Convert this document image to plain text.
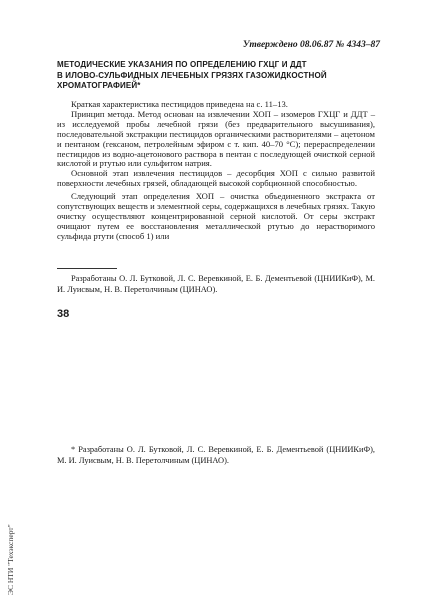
Утверждено 08.06.87 № 4343–87
МЕТОДИЧЕСКИЕ УКАЗАНИЯ ПО ОПРЕДЕЛЕНИЮ ГХЦГ И ДДТ
В ИЛОВО-СУЛЬФИДНЫХ ЛЕЧЕБНЫХ ГРЯЗЯХ ГАЗОЖИДКОСТНОЙ
ХРОМАТОГРАФИЕЙ*

Краткая характеристика пестицидов приведена на с. 11–13.

Принцип метода. Метод основан на извлечении ХОП – изомеров ГХЦГ и ДДТ – из исследуемой пробы лечебной грязи (без предварительного высушивания), последовательной экстракции пестицидов органическими растворителями – ацетоном и пентаном (гексаном, петролейным эфиром с т. кип. 40–70 °С); перераспределении пестицидов из водно-ацетонового раствора в пентан с последующей очисткой серной кислотой и ртутью или сульфитом натрия.

Основной этап извлечения пестицидов – десорбция ХОП с сильно развитой поверхности лечебных грязей, обладающей высокой сорбционной способностью.

Следующий этап определения ХОП – очистка объединенного экстракта от сопутствующих веществ и элементной серы, содержащихся в лечебных грязях. Такую очистку осуществляют концентрированной серной кислотой. От серы экстракт очищают путем ее восстановления металлической ртутью до нерастворимого сульфида ртути (способ 1) или

Разработаны О. Л. Бутковой, Л. С. Веревкиной, Е. Б. Дементьевой (ЦНИИКиФ), М. И. Луисвым, Н. В. Перетолчиным (ЦИНАО).
38
* Разработаны О. Л. Бутковой, Л. С. Веревкиной, Е. Б. Дементьевой (ЦНИИКиФ), М. И. Луисвым, Н. В. Перетолчиным (ЦИНАО).
ЭС НТИ "Техэксперт"
